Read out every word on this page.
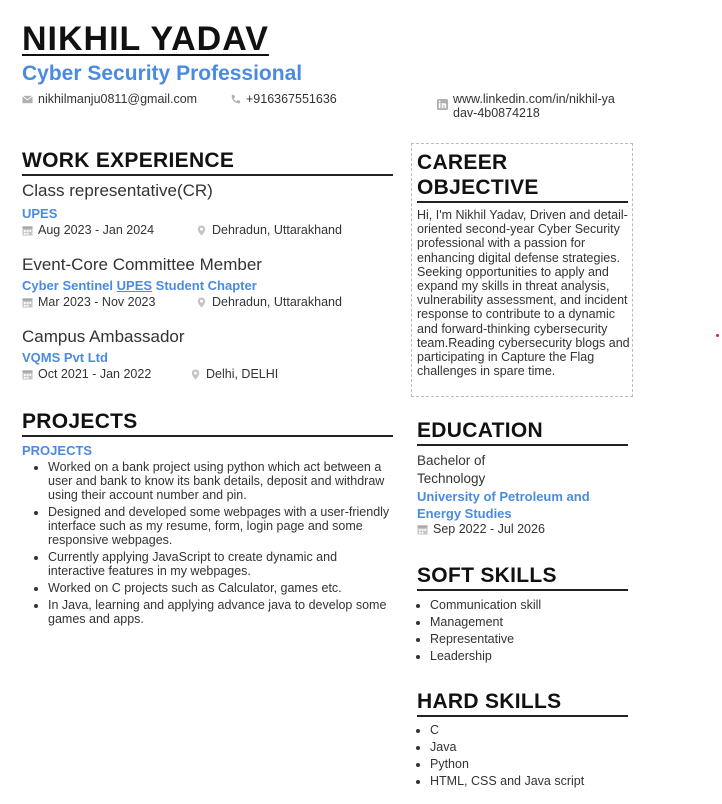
NIKHIL YADAV
Cyber Security Professional
nikhilmanju0811@gmail.com	+916367551636	www.linkedin.com/in/nikhil-ya
dav-4b0874218
WORK EXPERIENCE
Class representative(CR)
UPES
Aug 2023 - Jan 2024	Dehradun, Uttarakhand
Event-Core Committee Member
Cyber Sentinel UPES Student Chapter
Mar 2023 - Nov 2023	Dehradun, Uttarakhand
Campus Ambassador
VQMS Pvt Ltd
Oct 2021 - Jan 2022	Delhi, DELHI
PROJECTS
PROJECTS
• Worked on a bank project using python which act between a user and bank to know its bank details, deposit and withdraw using their account number and pin.
• Designed and developed some webpages with a user-friendly interface such as my resume, form, login page and some responsive webpages.
• Currently applying JavaScript to create dynamic and interactive features in my webpages.
• Worked on C projects such as Calculator, games etc.
• In Java, learning and applying advance java to develop some games and apps.
CAREER
OBJECTIVE
Hi, I'm Nikhil Yadav, Driven and detail-oriented second-year Cyber Security professional with a passion for enhancing digital defense strategies. Seeking opportunities to apply and expand my skills in threat analysis, vulnerability assessment, and incident response to contribute to a dynamic and forward-thinking cybersecurity team.Reading cybersecurity blogs and participating in Capture the Flag challenges in spare time.
EDUCATION
Bachelor of
Technology
University of Petroleum and Energy Studies
Sep 2022 - Jul 2026
SOFT SKILLS
• Communication skill
• Management
• Representative
• Leadership
HARD SKILLS
• C
• Java
• Python
• HTML, CSS and Java script
